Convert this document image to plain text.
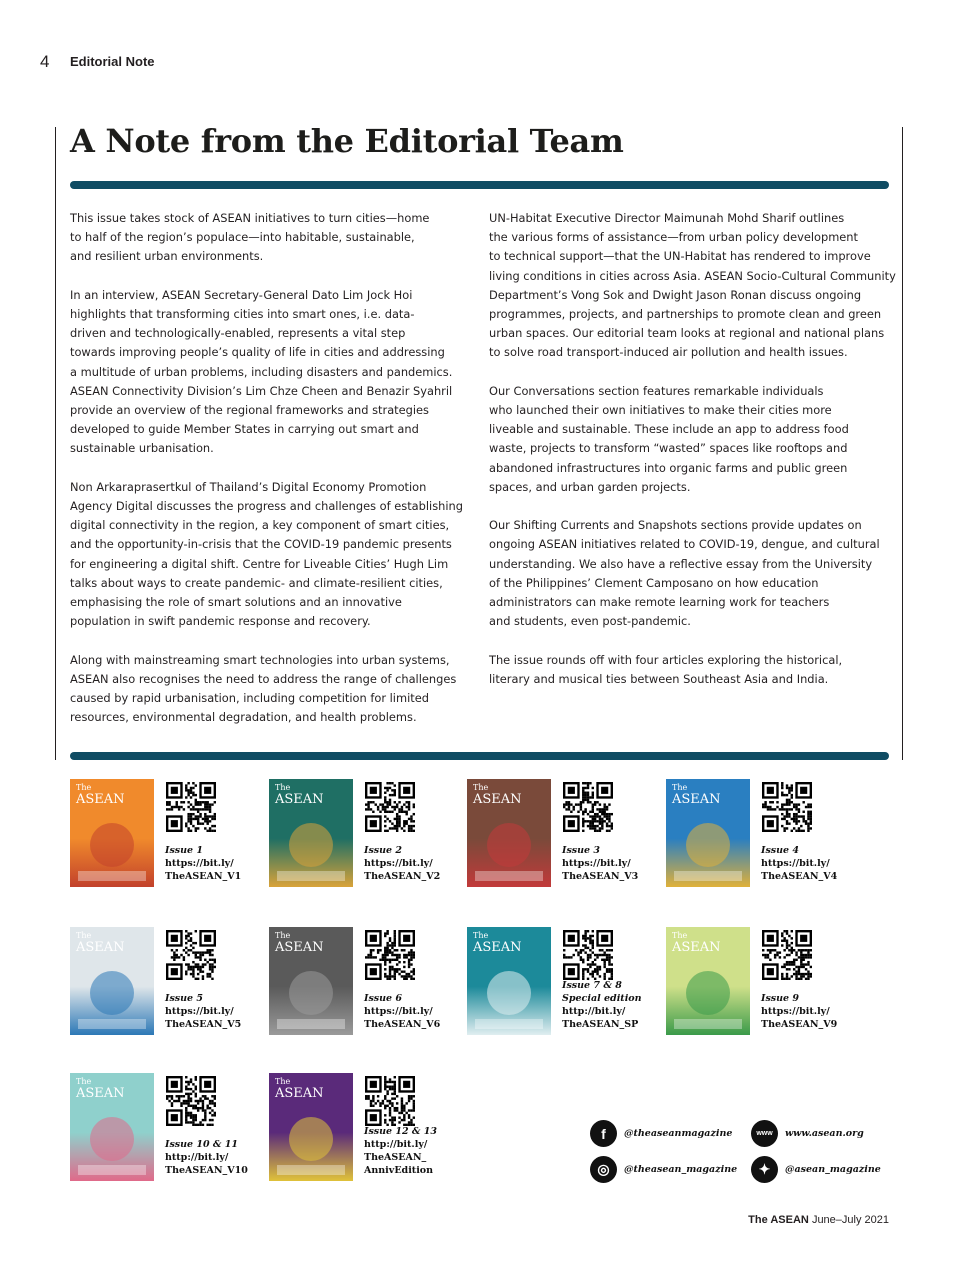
4 Editorial Note
A Note from the Editorial Team

This issue takes stock of ASEAN initiatives to turn cities—home
to half of the region’s populace—into habitable, sustainable,
and resilient urban environments.

In an interview, ASEAN Secretary-General Dato Lim Jock Hoi
highlights that transforming cities into smart ones, i.e. data-
driven and technologically-enabled, represents a vital step
towards improving people’s quality of life in cities and addressing
a multitude of urban problems, including disasters and pandemics.
ASEAN Connectivity Division’s Lim Chze Cheen and Benazir Syahril
provide an overview of the regional frameworks and strategies
developed to guide Member States in carrying out smart and
sustainable urbanisation.

Non Arkaraprasertkul of Thailand’s Digital Economy Promotion
Agency Digital discusses the progress and challenges of establishing
digital connectivity in the region, a key component of smart cities,
and the opportunity-in-crisis that the COVID-19 pandemic presents
for engineering a digital shift. Centre for Liveable Cities’ Hugh Lim
talks about ways to create pandemic- and climate-resilient cities,
emphasising the role of smart solutions and an innovative
population in swift pandemic response and recovery.

Along with mainstreaming smart technologies into urban systems,
ASEAN also recognises the need to address the range of challenges
caused by rapid urbanisation, including competition for limited
resources, environmental degradation, and health problems.

UN-Habitat Executive Director Maimunah Mohd Sharif outlines
the various forms of assistance—from urban policy development
to technical support—that the UN-Habitat has rendered to improve
living conditions in cities across Asia. ASEAN Socio-Cultural Community
Department’s Vong Sok and Dwight Jason Ronan discuss ongoing
programmes, projects, and partnerships to promote clean and green
urban spaces. Our editorial team looks at regional and national plans
to solve road transport-induced air pollution and health issues.

Our Conversations section features remarkable individuals
who launched their own initiatives to make their cities more
liveable and sustainable. These include an app to address food
waste, projects to transform “wasted” spaces like rooftops and
abandoned infrastructures into organic farms and public green
spaces, and urban garden projects.

Our Shifting Currents and Snapshots sections provide updates on
ongoing ASEAN initiatives related to COVID-19, dengue, and cultural
understanding. We also have a reflective essay from the University
of the Philippines’ Clement Camposano on how education
administrators can make remote learning work for teachers
and students, even post-pandemic.

The issue rounds off with four articles exploring the historical,
literary and musical ties between Southeast Asia and India.

The
ASEAN
Issue 1
https://bit.ly/
TheASEAN_V1
The
ASEAN
Issue 2
https://bit.ly/
TheASEAN_V2
The
ASEAN
Issue 3
https://bit.ly/
TheASEAN_V3
The
ASEAN
Issue 4
https://bit.ly/
TheASEAN_V4
The
ASEAN
Issue 5
https://bit.ly/
TheASEAN_V5
The
ASEAN
Issue 6
https://bit.ly/
TheASEAN_V6
The
ASEAN
Issue 7 & 8
Special edition
http://bit.ly/
TheASEAN_SP
The
ASEAN
Issue 9
https://bit.ly/
TheASEAN_V9
The
ASEAN
Issue 10 & 11
http://bit.ly/
TheASEAN_V10
The
ASEAN
Issue 12 & 13
http://bit.ly/
TheASEAN_
AnnivEdition
f	@theaseanmagazine	www	www.asean.org
◎	@theasean_magazine	✦	@asean_magazine
The ASEAN June–July 2021
